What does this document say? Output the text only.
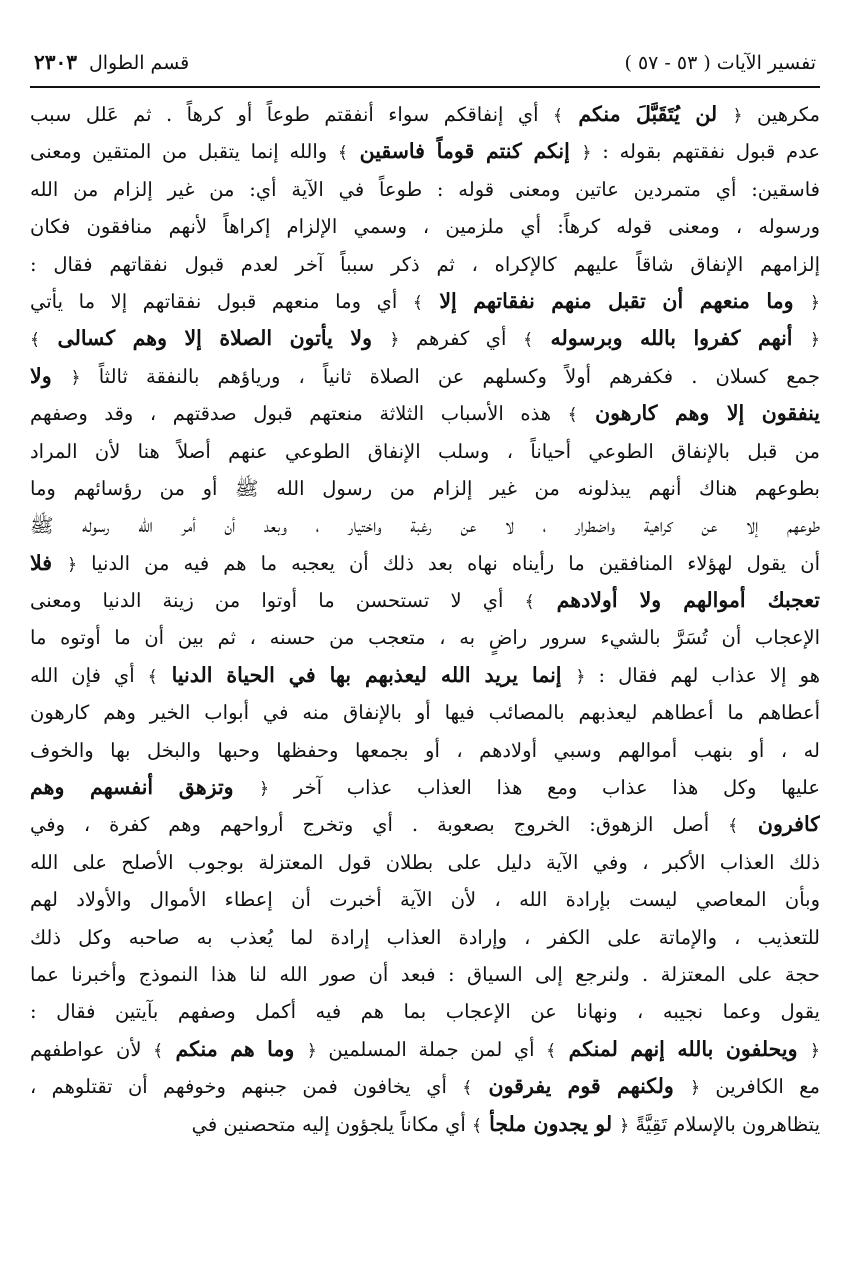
تفسير الآيات ( ٥٣ - ٥٧ )
قسم الطوال
٢٣٠٣
مكرهين ﴿ لن يُتَقَبَّلَ منكم ﴾ أي إنفاقكم سواء أنفقتم طوعاً أو كرهاً . ثم عَلل سبب
عدم قبول نفقتهم بقوله : ﴿ إنكم كنتم قوماً فاسقين ﴾ والله إنما يتقبل من المتقين ومعنى
فاسقين: أي متمردين عاتين ومعنى قوله : طوعاً في الآية أي: من غير إلزام من الله
ورسوله ، ومعنى قوله كرهاً: أي ملزمين ، وسمي الإلزام إكراهاً لأنهم منافقون فكان
إلزامهم الإنفاق شاقاً عليهم كالإكراه ، ثم ذكر سبباً آخر لعدم قبول نفقاتهم فقال :
﴿ وما منعهم أن تقبل منهم نفقاتهم إلا ﴾ أي وما منعهم قبول نفقاتهم إلا ما يأتي
﴿ أنهم كفروا بالله وبرسوله ﴾ أي كفرهم ﴿ ولا يأتون الصلاة إلا وهم كسالى ﴾
جمع كسلان . فكفرهم أولاً وكسلهم عن الصلاة ثانياً ، ورياؤهم بالنفقة ثالثاً ﴿ ولا
ينفقون إلا وهم كارهون ﴾ هذه الأسباب الثلاثة منعتهم قبول صدقتهم ، وقد وصفهم
من قبل بالإنفاق الطوعي أحياناً ، وسلب الإنفاق الطوعي عنهم أصلاً هنا لأن المراد
بطوعهم هناك أنهم يبذلونه من غير إلزام من رسول الله ﷺ أو من رؤسائهم وما
طوعهم إلا عن كراهية واضطرار ، لا عن رغبة واختيار ، وبعد أن أمر الله رسوله ﷺ
أن يقول لهؤلاء المنافقين ما رأيناه نهاه بعد ذلك أن يعجبه ما هم فيه من الدنيا ﴿ فلا
تعجبك أموالهم ولا أولادهم ﴾ أي لا تستحسن ما أوتوا من زينة الدنيا ومعنى
الإعجاب أن تُسَرَّ بالشيء سرور راضٍ به ، متعجب من حسنه ، ثم بين أن ما أوتوه ما
هو إلا عذاب لهم فقال : ﴿ إنما يريد الله ليعذبهم بها في الحياة الدنيا ﴾ أي فإن الله
أعطاهم ما أعطاهم ليعذبهم بالمصائب فيها أو بالإنفاق منه في أبواب الخير وهم كارهون
له ، أو بنهب أموالهم وسبي أولادهم ، أو بجمعها وحفظها وحبها والبخل بها والخوف
عليها وكل هذا عذاب ومع هذا العذاب عذاب آخر ﴿ وتزهق أنفسهم وهم
كافرون ﴾ أصل الزهوق: الخروج بصعوبة . أي وتخرج أرواحهم وهم كفرة ، وفي
ذلك العذاب الأكبر ، وفي الآية دليل على بطلان قول المعتزلة بوجوب الأصلح على الله
وبأن المعاصي ليست بإرادة الله ، لأن الآية أخبرت أن إعطاء الأموال والأولاد لهم
للتعذيب ، والإماتة على الكفر ، وإرادة العذاب إرادة لما يُعذب به صاحبه وكل ذلك
حجة على المعتزلة . ولنرجع إلى السياق : فبعد أن صور الله لنا هذا النموذج وأخبرنا عما
يقول وعما نجيبه ، ونهانا عن الإعجاب بما هم فيه أكمل وصفهم بآيتين فقال :
﴿ ويحلفون بالله إنهم لمنكم ﴾ أي لمن جملة المسلمين ﴿ وما هم منكم ﴾ لأن عواطفهم
مع الكافرين ﴿ ولكنهم قوم يفرقون ﴾ أي يخافون فمن جبنهم وخوفهم أن تقتلوهم ،
يتظاهرون بالإسلام تَقِيَّةً ﴿ لو يجدون ملجأ ﴾ أي مكاناً يلجؤون إليه متحصنين في
